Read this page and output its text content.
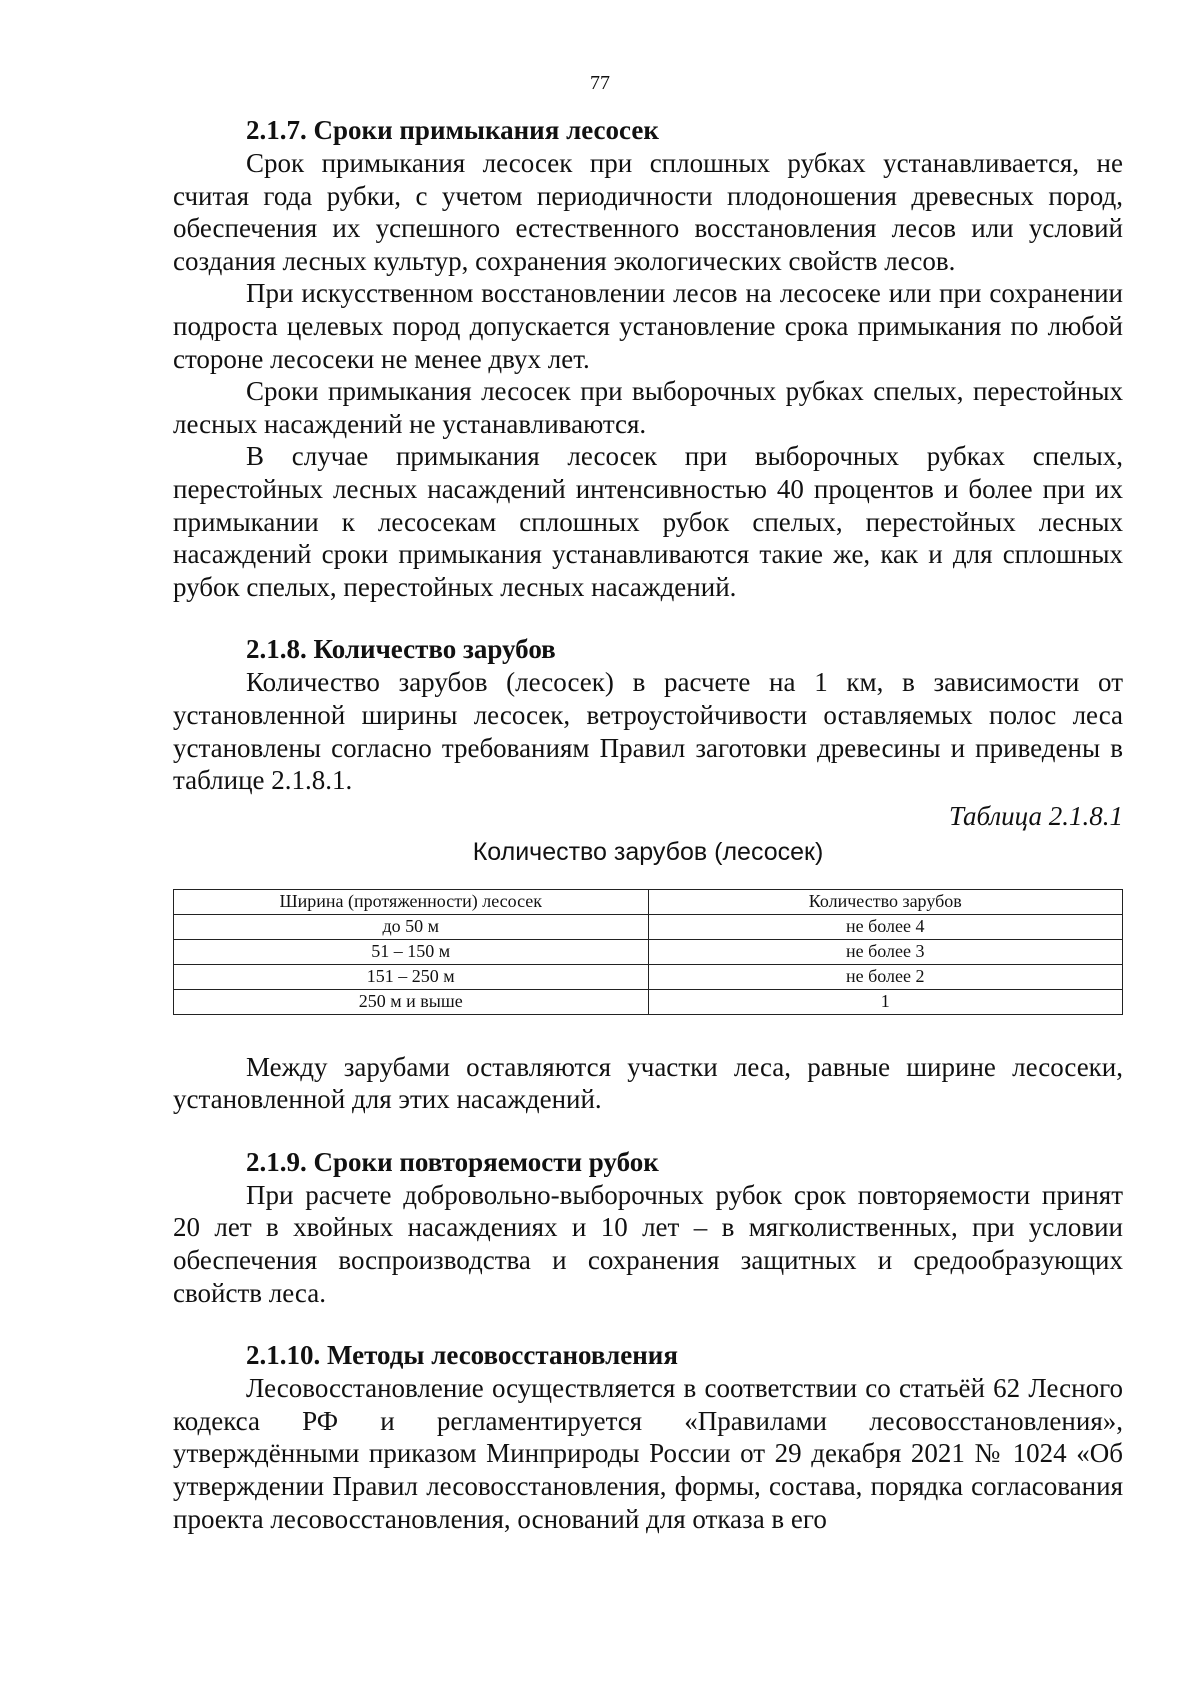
77
2.1.7. Сроки примыкания лесосек

Срок примыкания лесосек при сплошных рубках устанавливается, не считая года рубки, с учетом периодичности плодоношения древесных пород, обеспечения их успешного естественного восстановления лесов или условий создания лесных культур, сохранения экологических свойств лесов.

При искусственном восстановлении лесов на лесосеке или при сохранении подроста целевых пород допускается установление срока примыкания по любой стороне лесосеки не менее двух лет.

Сроки примыкания лесосек при выборочных рубках спелых, перестойных лесных насаждений не устанавливаются.

В случае примыкания лесосек при выборочных рубках спелых, перестойных лесных насаждений интенсивностью 40 процентов и более при их примыкании к лесосекам сплошных рубок спелых, перестойных лесных насаждений сроки примыкания устанавливаются такие же, как и для сплошных рубок спелых, перестойных лесных насаждений.

2.1.8. Количество зарубов

Количество зарубов (лесосек) в расчете на 1 км, в зависимости от установленной ширины лесосек, ветроустойчивости оставляемых полос леса установлены согласно требованиям Правил заготовки древесины и приведены в таблице 2.1.8.1.

Таблица 2.1.8.1
Количество зарубов (лесосек)
Ширина (протяженности) лесосек	Количество зарубов
до 50 м	не более 4
51 – 150 м	не более 3
151 – 250 м	не более 2
250 м и выше	1

Между зарубами оставляются участки леса, равные ширине лесосеки, установленной для этих насаждений.

2.1.9. Сроки повторяемости рубок

При расчете добровольно-выборочных рубок срок повторяемости принят 20 лет в хвойных насаждениях и 10 лет – в мягколиственных, при условии обеспечения воспроизводства и сохранения защитных и средообразующих свойств леса.

2.1.10. Методы лесовосстановления

Лесовосстановление осуществляется в соответствии со статьёй 62 Лесного кодекса РФ и регламентируется «Правилами лесовосстановления», утверждёнными приказом Минприроды России от 29 декабря 2021 № 1024 «Об утверждении Правил лесовосстановления, формы, состава, порядка согласования проекта лесовосстановления, оснований для отказа в его
